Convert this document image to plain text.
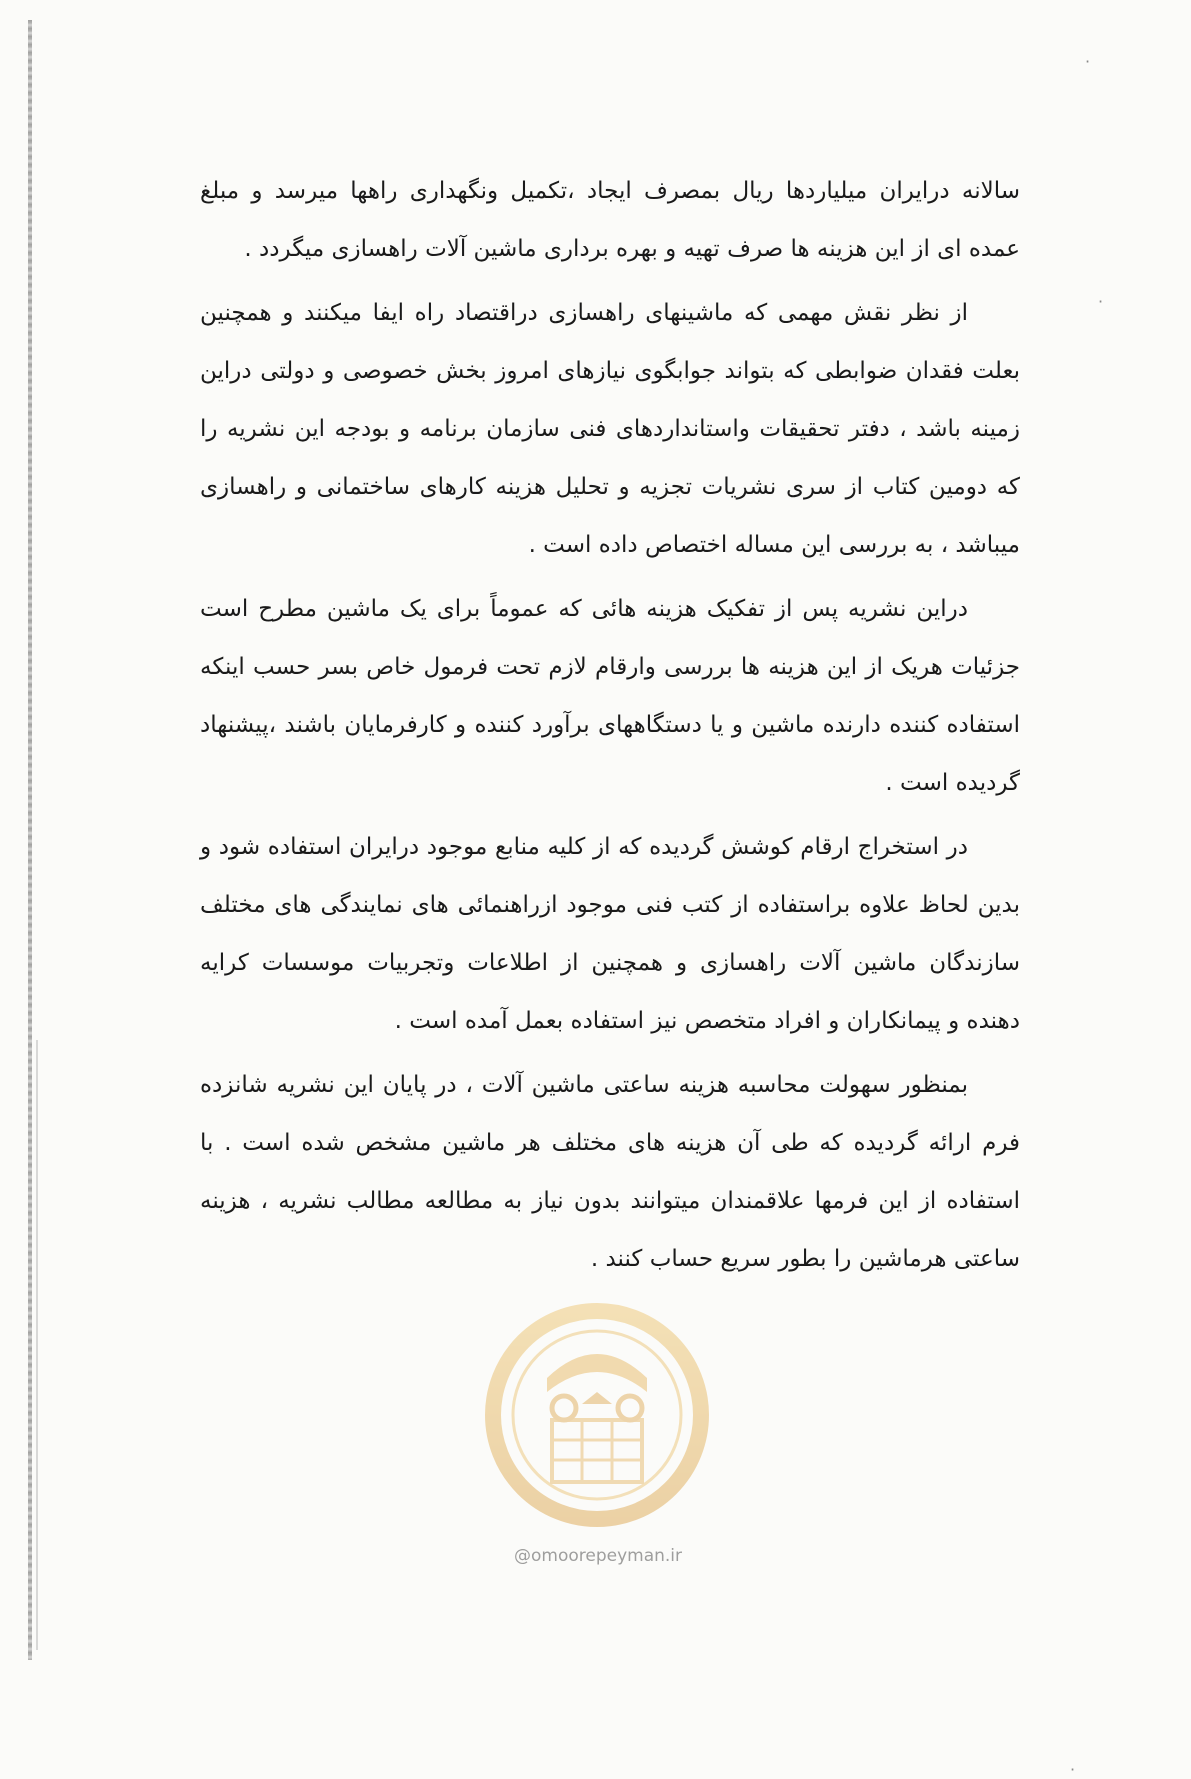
·
·
·

سالانه درایران میلیاردها ریال بمصرف ایجاد ،تکمیل ونگهداری راهها میرسد و مبلغ عمده ای از این هزینه ها صرف تهیه و بهره برداری ماشین آلات راهسازی میگردد .

از نظر نقش مهمی که ماشینهای راهسازی دراقتصاد راه ایفا میکنند و همچنین بعلت فقدان ضوابطی که بتواند جوابگوی نیازهای امروز بخش خصوصی و دولتی دراین زمینه باشد ، دفتر تحقیقات واستانداردهای فنی سازمان برنامه و بودجه این نشریه را که دومین کتاب از سری نشریات تجزیه و تحلیل هزینه کارهای ساختمانی و راهسازی میباشد ، به بررسی این مساله اختصاص داده است .

دراین نشریه پس از تفکیک هزینه هائی که عموماً برای یک ماشین مطرح است جزئیات هریک از این هزینه ها بررسی وارقام لازم تحت فرمول خاص بسر حسب اینکه استفاده کننده دارنده ماشین و یا دستگاههای برآورد کننده و کارفرمایان باشند ،پیشنهاد گردیده است .

در استخراج ارقام کوشش گردیده که از کلیه منابع موجود درایران استفاده شود و بدین لحاظ علاوه براستفاده از کتب فنی موجود ازراهنمائی های نمایندگی های مختلف سازندگان ماشین آلات راهسازی و همچنین از اطلاعات وتجربیات موسسات کرایه دهنده و پیمانکاران و افراد متخصص نیز استفاده بعمل آمده است .

بمنظور سهولت محاسبه هزینه ساعتی ماشین آلات ، در پایان این نشریه شانزده فرم ارائه گردیده که طی آن هزینه های مختلف هر ماشین مشخص شده است . با استفاده از این فرمها علاقمندان میتوانند بدون نیاز به مطالعه مطالب نشریه ، هزینه ساعتی هرماشین را بطور سریع حساب کنند .

@omoorepeyman.ir
